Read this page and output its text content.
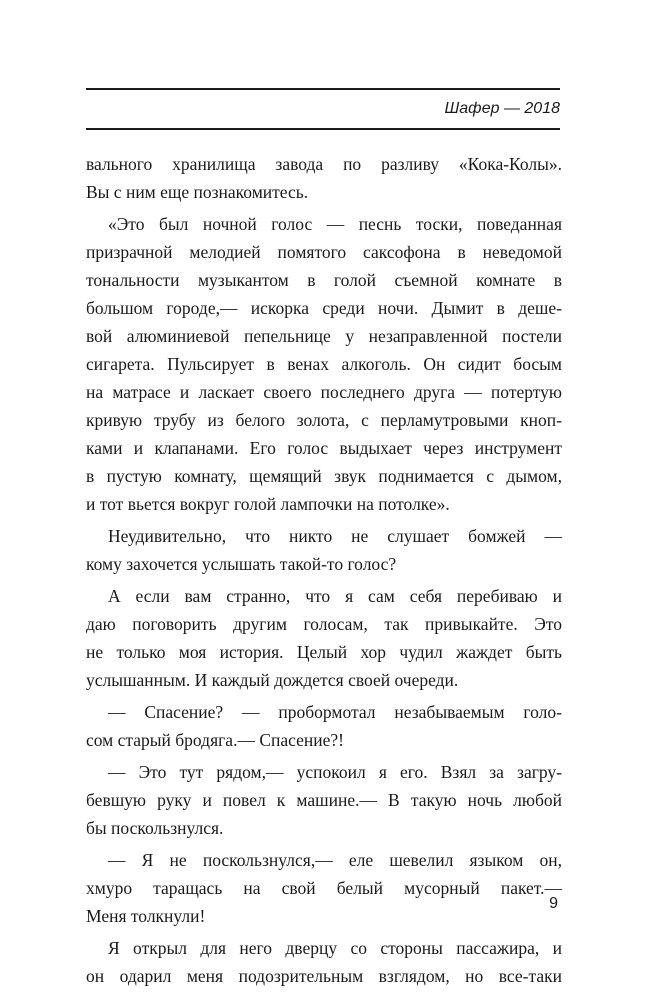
Шафер — 2018
вального хранилища завода по разливу «Кока-Колы».
Вы с ним еще познакомитесь.
«Это был ночной голос — песнь тоски, поведанная
призрачной мелодией помятого саксофона в неведомой
тональности музыкантом в голой съемной комнате в
большом городе,— искорка среди ночи. Дымит в деше-
вой алюминиевой пепельнице у незаправленной постели
сигарета. Пульсирует в венах алкоголь. Он сидит босым
на матрасе и ласкает своего последнего друга — потертую
кривую трубу из белого золота, с перламутровыми кноп-
ками и клапанами. Его голос выдыхает через инструмент
в пустую комнату, щемящий звук поднимается с дымом,
и тот вьется вокруг голой лампочки на потолке».
Неудивительно, что никто не слушает бомжей —
кому захочется услышать такой-то голос?
А если вам странно, что я сам себя перебиваю и
даю поговорить другим голосам, так привыкайте. Это
не только моя история. Целый хор чудил жаждет быть
услышанным. И каждый дождется своей очереди.
— Спасение? — пробормотал незабываемым голо-
сом старый бродяга.— Спасение?!
— Это тут рядом,— успокоил я его. Взял за загру-
бевшую руку и повел к машине.— В такую ночь любой
бы поскользнулся.
— Я не поскользнулся,— еле шевелил языком он,
хмуро таращась на свой белый мусорный пакет.—
Меня толкнули!
Я открыл для него дверцу со стороны пассажира, и
он одарил меня подозрительным взглядом, но все-таки
9
